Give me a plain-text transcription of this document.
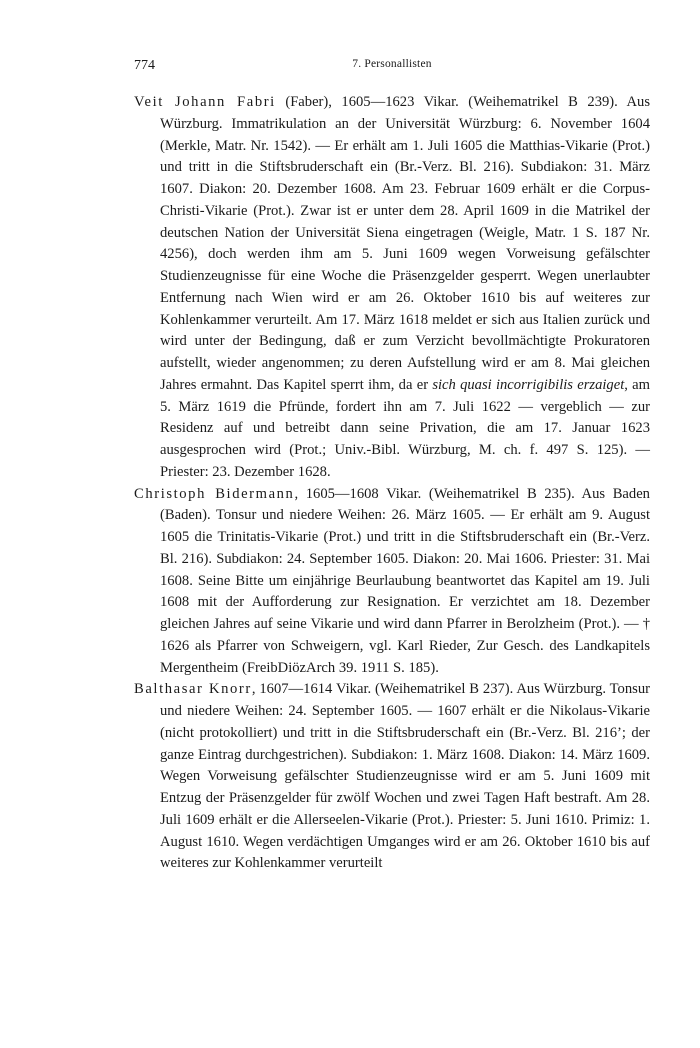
774	7. Personallisten

Veit Johann Fabri (Faber), 1605—1623 Vikar. (Weihematrikel B 239). Aus Würzburg. Immatrikulation an der Universität Würzburg: 6. November 1604 (Merkle, Matr. Nr. 1542). — Er erhält am 1. Juli 1605 die Matthias-Vikarie (Prot.) und tritt in die Stiftsbruderschaft ein (Br.-Verz. Bl. 216). Subdiakon: 31. März 1607. Diakon: 20. Dezember 1608. Am 23. Februar 1609 erhält er die Corpus-Christi-Vikarie (Prot.). Zwar ist er unter dem 28. April 1609 in die Matrikel der deutschen Nation der Universität Siena eingetragen (Weigle, Matr. 1 S. 187 Nr. 4256), doch werden ihm am 5. Juni 1609 wegen Vorweisung gefälschter Studienzeugnisse für eine Woche die Präsenzgelder gesperrt. Wegen unerlaubter Entfernung nach Wien wird er am 26. Oktober 1610 bis auf weiteres zur Kohlenkammer verurteilt. Am 17. März 1618 meldet er sich aus Italien zurück und wird unter der Bedingung, daß er zum Verzicht bevollmächtigte Prokuratoren aufstellt, wieder angenommen; zu deren Aufstellung wird er am 8. Mai gleichen Jahres ermahnt. Das Kapitel sperrt ihm, da er sich quasi incorrigibilis erzaiget, am 5. März 1619 die Pfründe, fordert ihn am 7. Juli 1622 — vergeblich — zur Residenz auf und betreibt dann seine Privation, die am 17. Januar 1623 ausgesprochen wird (Prot.; Univ.-Bibl. Würzburg, M. ch. f. 497 S. 125). — Priester: 23. Dezember 1628.

Christoph Bidermann, 1605—1608 Vikar. (Weihematrikel B 235). Aus Baden (Baden). Tonsur und niedere Weihen: 26. März 1605. — Er erhält am 9. August 1605 die Trinitatis-Vikarie (Prot.) und tritt in die Stiftsbruderschaft ein (Br.-Verz. Bl. 216). Subdiakon: 24. September 1605. Diakon: 20. Mai 1606. Priester: 31. Mai 1608. Seine Bitte um einjährige Beurlaubung beantwortet das Kapitel am 19. Juli 1608 mit der Aufforderung zur Resignation. Er verzichtet am 18. Dezember gleichen Jahres auf seine Vikarie und wird dann Pfarrer in Berolzheim (Prot.). — † 1626 als Pfarrer von Schweigern, vgl. Karl Rieder, Zur Gesch. des Landkapitels Mergentheim (FreibDiözArch 39. 1911 S. 185).

Balthasar Knorr, 1607—1614 Vikar. (Weihematrikel B 237). Aus Würzburg. Tonsur und niedere Weihen: 24. September 1605. — 1607 erhält er die Nikolaus-Vikarie (nicht protokolliert) und tritt in die Stiftsbruderschaft ein (Br.-Verz. Bl. 216’; der ganze Eintrag durchgestrichen). Subdiakon: 1. März 1608. Diakon: 14. März 1609. Wegen Vorweisung gefälschter Studienzeugnisse wird er am 5. Juni 1609 mit Entzug der Präsenzgelder für zwölf Wochen und zwei Tagen Haft bestraft. Am 28. Juli 1609 erhält er die Allerseelen-Vikarie (Prot.). Priester: 5. Juni 1610. Primiz: 1. August 1610. Wegen verdächtigen Umganges wird er am 26. Oktober 1610 bis auf weiteres zur Kohlenkammer verurteilt
